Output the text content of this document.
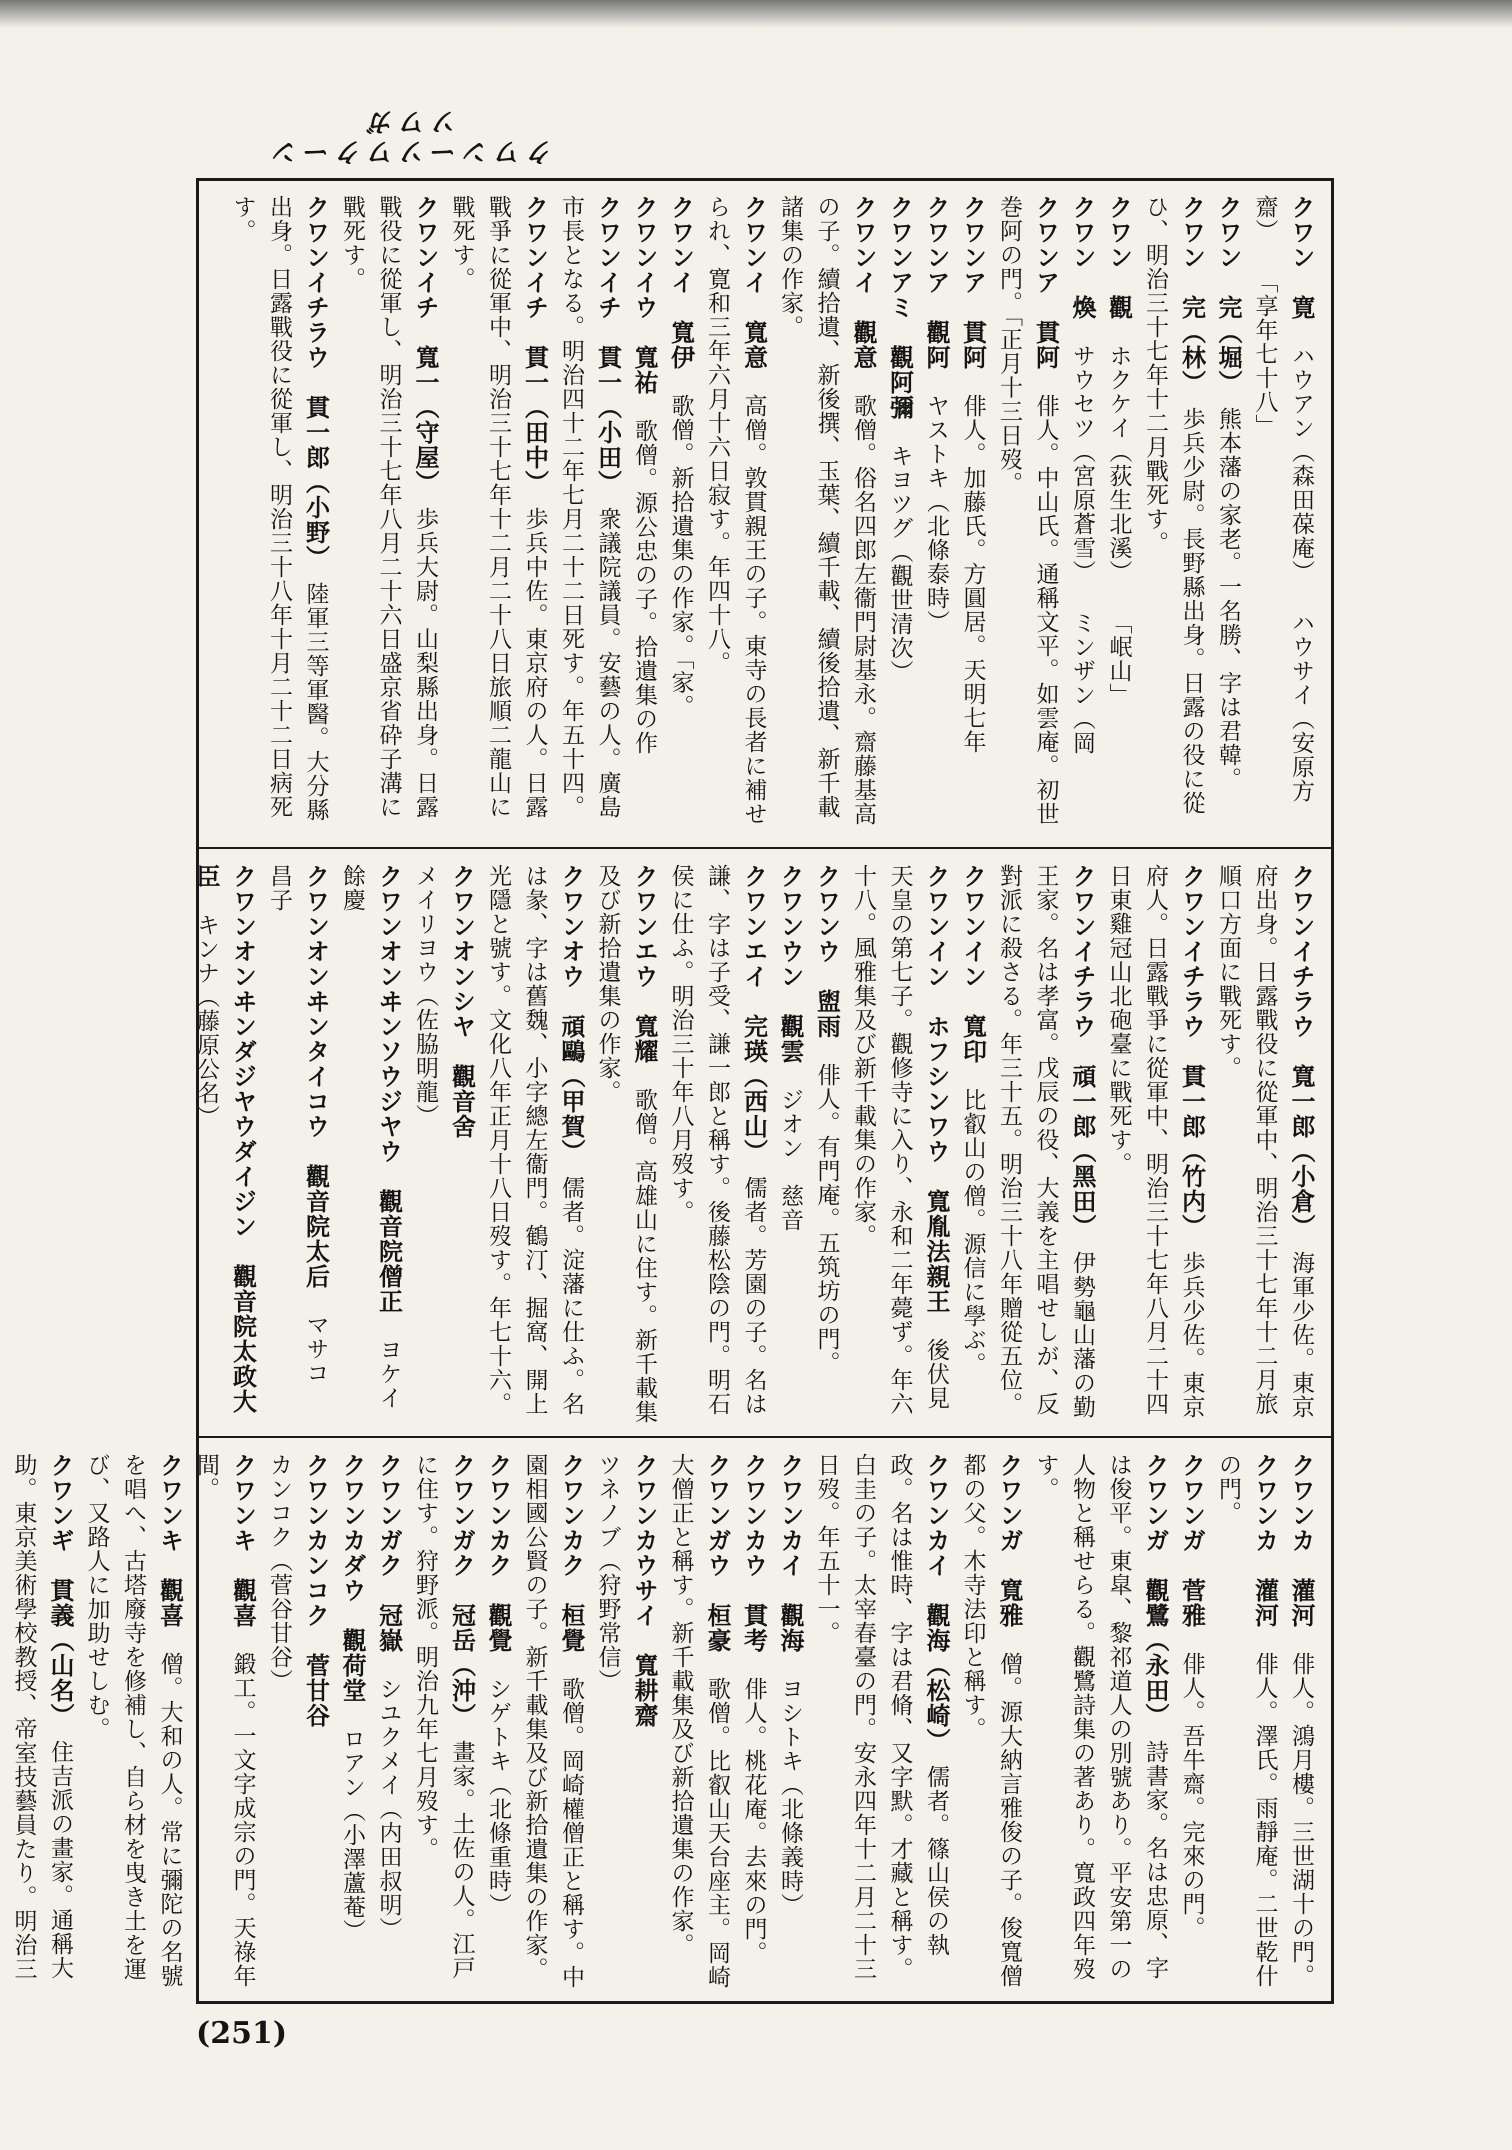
クワンーソワクーンソワガ

クワン　寛　ハウアン（森田葆庵） ハウサイ（安原方齋） 「享年七十八」

クワン　完（堀）　熊本藩の家老。一名勝、字は君韓。

クワン　完（林）　歩兵少尉。長野縣出身。日露の役に從ひ、明治三十七年十二月戰死す。

クワン　觀　ホクケイ（荻生北溪） 「岷山」

クワン　煥　サウセツ（宮原蒼雪） ミンザン（岡

クワンア　貫阿　俳人。中山氏。通稱文平。如雲庵。初世巻阿の門。「正月十三日歿。

クワンア　貫阿　俳人。加藤氏。方圓居。天明七年

クワンア　觀阿　ヤストキ（北條泰時）

クワンアミ　觀阿彌　キヨツグ（觀世清次）

クワンイ　觀意　歌僧。俗名四郎左衞門尉基永。齋藤基高の子。續拾遺、新後撰、玉葉、續千載、續後拾遺、新千載諸集の作家。

クワンイ　寬意　高僧。敦貫親王の子。東寺の長者に補せられ、寛和三年六月十六日寂す。年四十八。

クワンイ　寬伊　歌僧。新拾遺集の作家。「家。

クワンイウ　寬祐　歌僧。源公忠の子。拾遺集の作

クワンイチ　貫一（小田）　衆議院議員。安藝の人。廣島市長となる。明治四十二年七月二十二日死す。年五十四。

クワンイチ　貫一（田中）　歩兵中佐。東京府の人。日露戰爭に從軍中、明治三十七年十二月二十八日旅順二龍山に戰死す。

クワンイチ　寬一（守屋）　歩兵大尉。山梨縣出身。日露戰役に從軍し、明治三十七年八月二十六日盛京省砕子溝に戰死す。

クワンイチラウ　貫一郎（小野）　陸軍三等軍醫。大分縣出身。日露戰役に從軍し、明治三十八年十月二十二日病死す。

クワンイチラウ　寬一郎（小倉）　海軍少佐。東京府出身。日露戰役に從軍中、明治三十七年十二月旅順口方面に戰死す。

クワンイチラウ　貫一郎（竹内）　歩兵少佐。東京府人。日露戰爭に從軍中、明治三十七年八月二十四日東雞冠山北砲臺に戰死す。

クワンイチラウ　頑一郎（黑田）　伊勢龜山藩の勤王家。名は孝富。戊辰の役、大義を主唱せしが、反對派に殺さる。年三十五。明治三十八年贈從五位。

クワンイン　寬印　比叡山の僧。源信に學ぶ。

クワンイン　ホフシンワウ　寬胤法親王　後伏見天皇の第七子。觀修寺に入り、永和二年薨ず。年六十八。風雅集及び新千載集の作家。

クワンウ　盥雨　俳人。有門庵。五筑坊の門。

クワンウン　觀雲　ジオン　慈音

クワンエイ　完瑛（西山）　儒者。芳園の子。名は謙、字は子受、謙一郎と稱す。後藤松陰の門。明石侯に仕ふ。明治三十年八月歿す。

クワンエウ　寬耀　歌僧。高雄山に住す。新千載集及び新拾遺集の作家。

クワンオウ　頑鷗（甲賀）　儒者。淀藩に仕ふ。名は彖、字は舊魏、小字總左衞門。鶴汀、掘窩、開上光隱と號す。文化八年正月十八日歿す。年七十六。

クワンオンシヤ　觀音舍　メイリヨウ（佐脇明龍）

クワンオンヰンソウジヤウ　觀音院僧正　ヨケイ　餘慶

クワンオンヰンタイコウ　觀音院太后　マサコ　昌子

クワンオンヰンダジヤウダイジン　觀音院太政大臣　キンナ（藤原公名）

クワンカ　灌河　俳人。鴻月樓。三世湖十の門。

クワンカ　灌河　俳人。澤氏。雨靜庵。二世乾什の門。

クワンガ　菅雅　俳人。吾牛齋。完來の門。

クワンガ　觀鷺（永田）　詩書家。名は忠原、字は俊平。東皐、黎祁道人の別號あり。平安第一の人物と稱せらる。觀鷺詩集の著あり。寬政四年歿す。

クワンガ　寬雅　僧。源大納言雅俊の子。俊寬僧都の父。木寺法印と稱す。

クワンカイ　觀海（松崎）　儒者。篠山侯の執政。名は惟時、字は君脩、又字默。才藏と稱す。白圭の子。太宰春臺の門。安永四年十二月二十三日歿。年五十一。

クワンカイ　觀海　ヨシトキ（北條義時）

クワンカウ　貫考　俳人。桃花庵。去來の門。

クワンガウ　桓豪　歌僧。比叡山天台座主。岡崎大僧正と稱す。新千載集及び新拾遺集の作家。

クワンカウサイ　寬耕齋　ツネノブ（狩野常信）

クワンカク　桓覺　歌僧。岡崎權僧正と稱す。中園相國公賢の子。新千載集及び新拾遺集の作家。

クワンカク　觀覺　シゲトキ（北條重時）

クワンガク　冠岳（沖）　畫家。土佐の人。江戸に住す。狩野派。明治九年七月歿す。

クワンガク　冠嶽　シユクメイ（内田叔明）

クワンカダウ　觀荷堂　ロアン（小澤蘆菴）

クワンカンコク　菅甘谷　カンコク（菅谷甘谷）

クワンキ　觀喜　鍛工。一文字成宗の門。天祿年間。

クワンキ　觀喜　僧。大和の人。常に彌陀の名號を唱へ、古塔廢寺を修補し、自ら材を曳き土を運び、又路人に加助せしむ。

クワンギ　貫義（山名）　住吉派の畫家。通稱大助。東京美術學校教授、帝室技藝員たり。明治三

(251)
